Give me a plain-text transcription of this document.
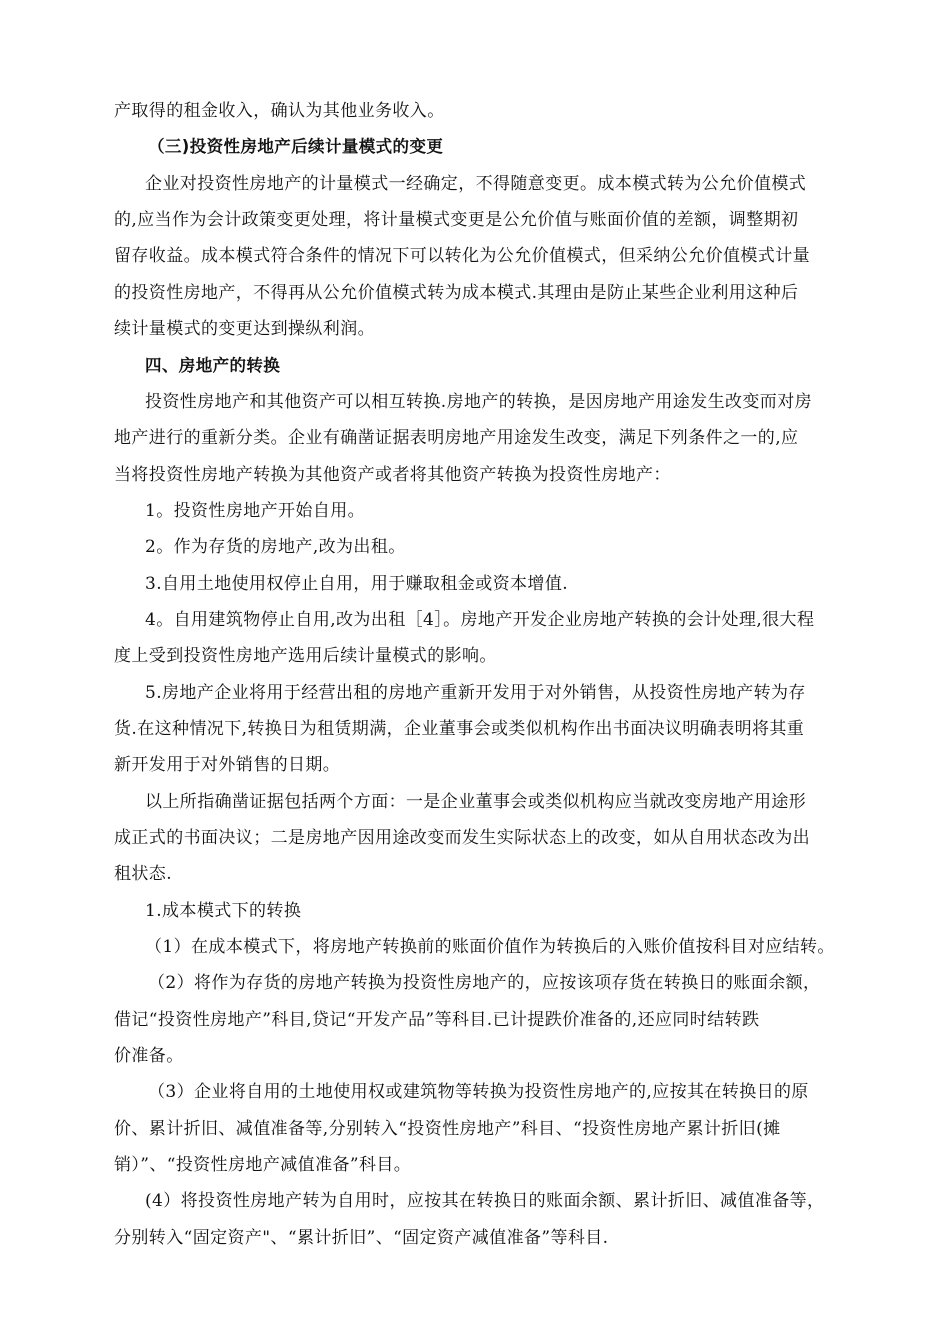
产取得的租金收入，确认为其他业务收入。
（三)投资性房地产后续计量模式的变更
企业对投资性房地产的计量模式一经确定，不得随意变更。成本模式转为公允价值模式
的,应当作为会计政策变更处理，将计量模式变更是公允价值与账面价值的差额，调整期初
留存收益。成本模式符合条件的情况下可以转化为公允价值模式，但采纳公允价值模式计量
的投资性房地产，不得再从公允价值模式转为成本模式.其理由是防止某些企业利用这种后
续计量模式的变更达到操纵利润。
四、房地产的转换
投资性房地产和其他资产可以相互转换.房地产的转换，是因房地产用途发生改变而对房
地产进行的重新分类。企业有确凿证据表明房地产用途发生改变，满足下列条件之一的,应
当将投资性房地产转换为其他资产或者将其他资产转换为投资性房地产：
1。投资性房地产开始自用。
2。作为存货的房地产,改为出租。
3.自用土地使用权停止自用，用于赚取租金或资本增值.
4。自用建筑物停止自用,改为出租［4］。房地产开发企业房地产转换的会计处理,很大程
度上受到投资性房地产选用后续计量模式的影响。
5.房地产企业将用于经营出租的房地产重新开发用于对外销售，从投资性房地产转为存
货.在这种情况下,转换日为租赁期满，企业董事会或类似机构作出书面决议明确表明将其重
新开发用于对外销售的日期。
以上所指确凿证据包括两个方面：一是企业董事会或类似机构应当就改变房地产用途形
成正式的书面决议；二是房地产因用途改变而发生实际状态上的改变，如从自用状态改为出
租状态.
1.成本模式下的转换
（1）在成本模式下，将房地产转换前的账面价值作为转换后的入账价值按科目对应结转。
（2）将作为存货的房地产转换为投资性房地产的，应按该项存货在转换日的账面余额，
借记“投资性房地产”科目,贷记“开发产品”等科目.已计提跌价准备的,还应同时结转跌
价准备。
（3）企业将自用的土地使用权或建筑物等转换为投资性房地产的,应按其在转换日的原
价、累计折旧、减值准备等,分别转入“投资性房地产”科目、“投资性房地产累计折旧(摊
销）”、“投资性房地产减值准备”科目。
(4）将投资性房地产转为自用时，应按其在转换日的账面余额、累计折旧、减值准备等，
分别转入“固定资产"、“累计折旧”、“固定资产减值准备”等科目.
